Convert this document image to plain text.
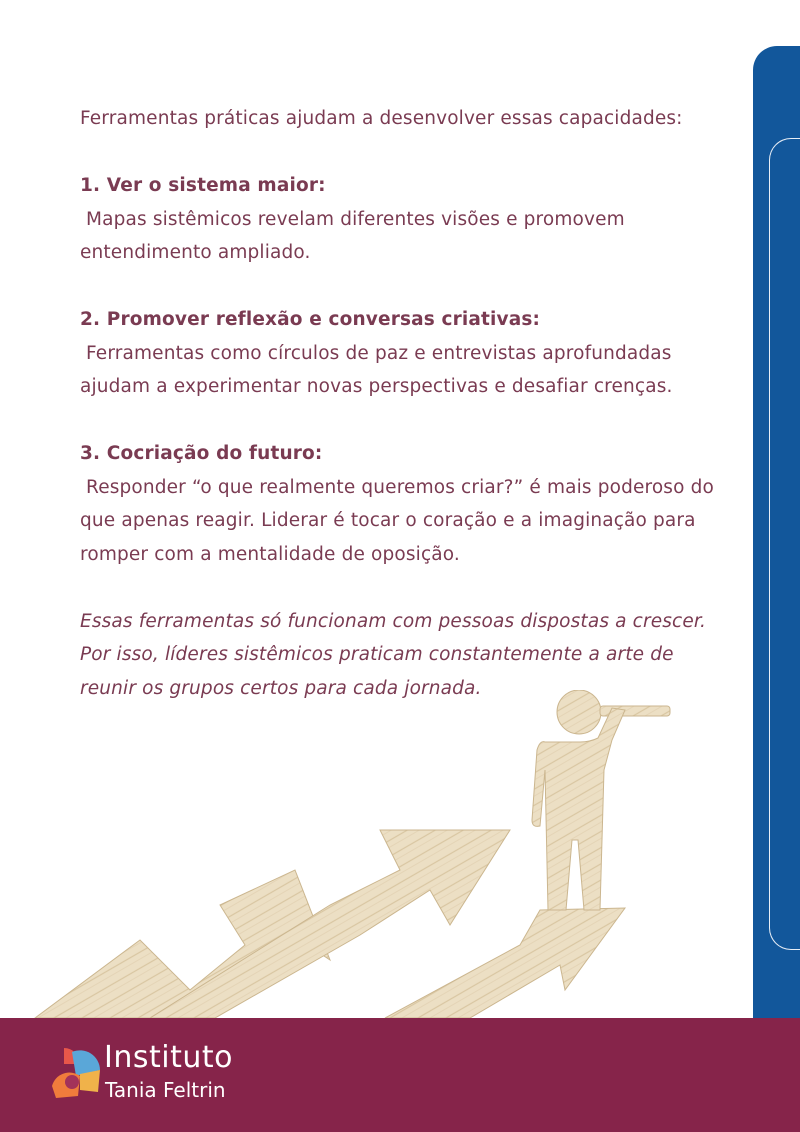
Ferramentas práticas ajudam a desenvolver essas capacidades:

1. Ver o sistema maior:

Mapas sistêmicos revelam diferentes visões e promovem entendimento ampliado.

2. Promover reflexão e conversas criativas:

Ferramentas como círculos de paz e entrevistas aprofundadas ajudam a experimentar novas perspectivas e desafiar crenças.

3. Cocriação do futuro:

Responder “o que realmente queremos criar?” é mais poderoso do que apenas reagir. Liderar é tocar o coração e a imaginação para romper com a mentalidade de oposição.

Essas ferramentas só funcionam com pessoas dispostas a crescer. Por isso, líderes sistêmicos praticam constantemente a arte de reunir os grupos certos para cada jornada.

Instituto
Tania Feltrin
